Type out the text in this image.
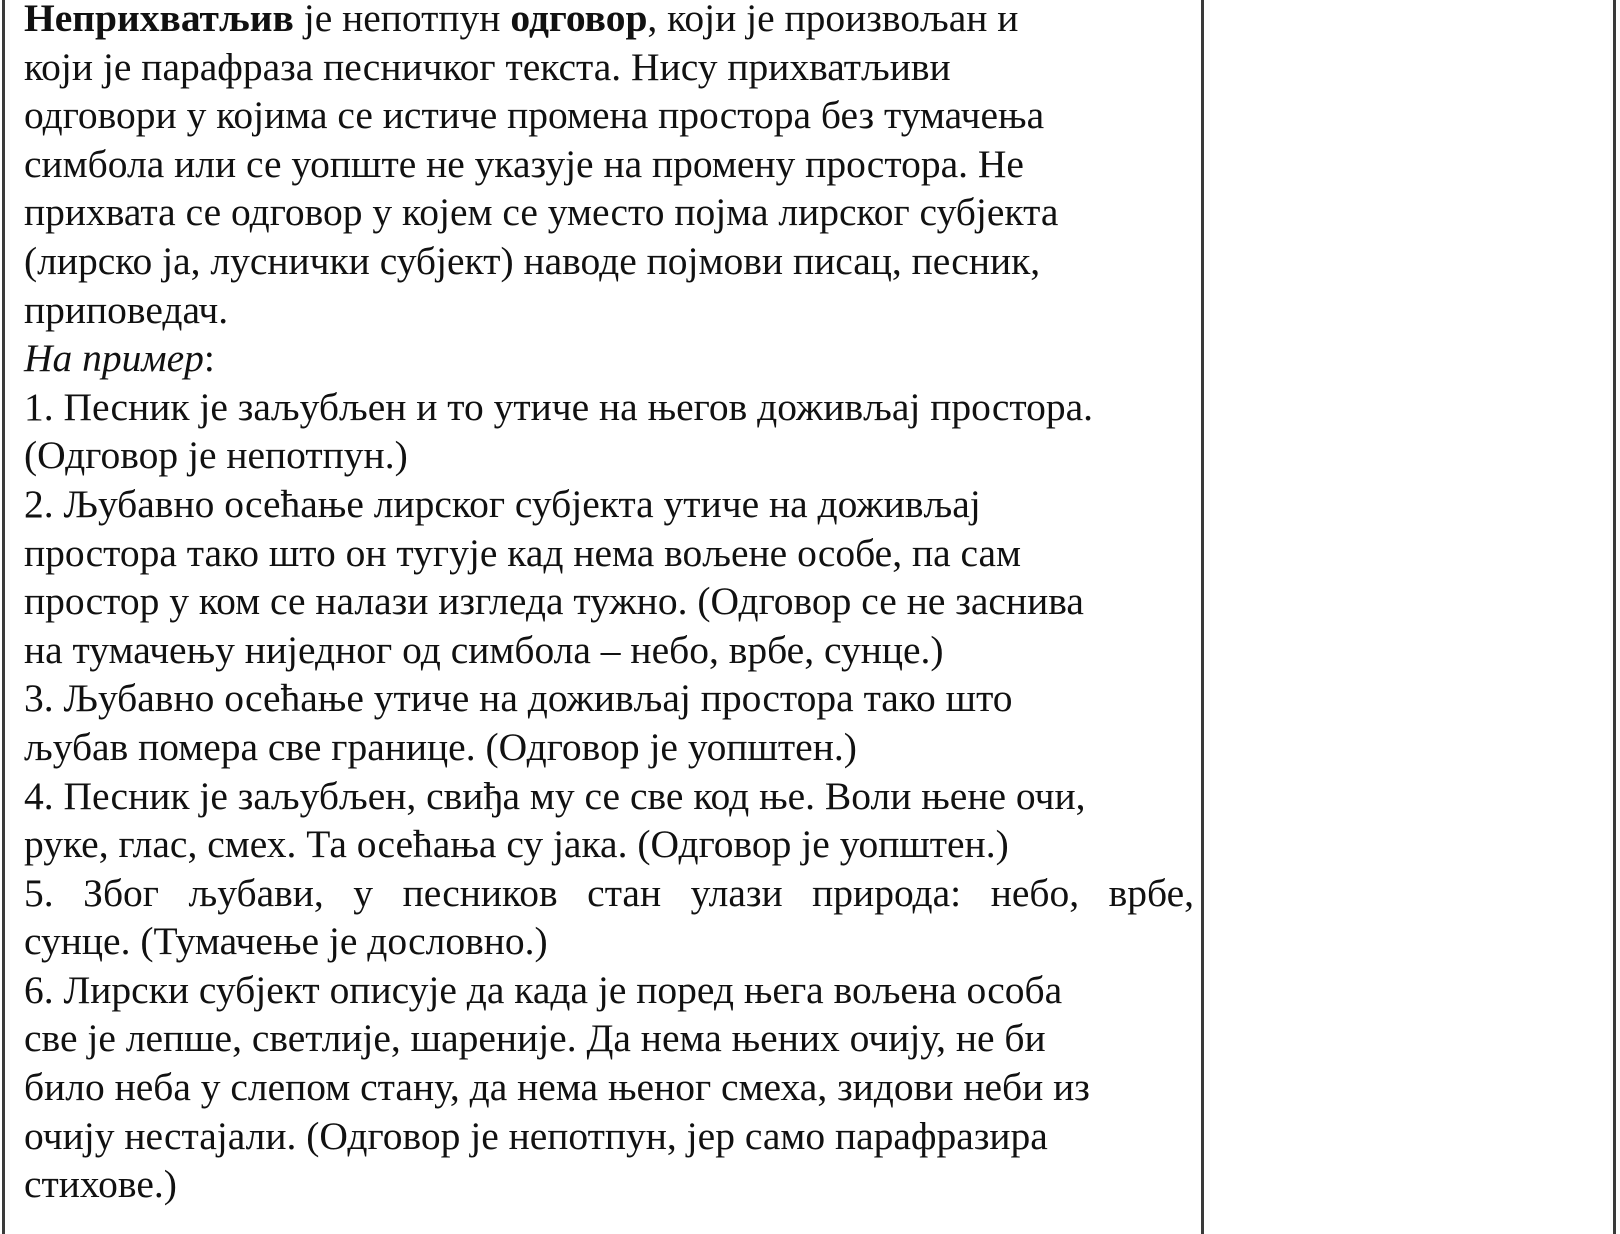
Неприхватљив је непотпун одговор, који је произвољан и
који је парафраза песничког текста. Нису прихватљиви
одговори у којима се истиче промена простора без тумачења
симбола или се уопште не указује на промену простора. Не
прихвата се одговор у којем се уместо појма лирског субјекта
(лирско ја, луснички субјект) наводе појмови писац, песник,
приповедач.
На пример:
1. Песник је заљубљен и то утиче на његов доживљај простора.
(Одговор је непотпун.)
2. Љубавно осећање лирског субјекта утиче на доживљај
простора тако што он тугује кад нема вољене особе, па сам
простор у ком се налази изгледа тужно. (Одговор се не заснива
на тумачењу ниједног од симбола – небо, врбе, сунце.)
3. Љубавно осећање утиче на доживљај простора тако што
љубав помера све границе. (Одговор је уопштен.)
4. Песник је заљубљен, свиђа му се све код ње. Воли њене очи,
руке, глас, смех. Та осећања су јака. (Одговор је уопштен.)
5. Због љубави, у песников стан улази природа: небо, врбе,
сунце. (Тумачење је дословно.)
6. Лирски субјект описује да када је поред њега вољена особа
све је лепше, светлије, шареније. Да нема њених очију, не би
било неба у слепом стану, да нема њеног смеха, зидови неби из
очију нестајали. (Одговор је непотпун, јер само парафразира
стихове.)
